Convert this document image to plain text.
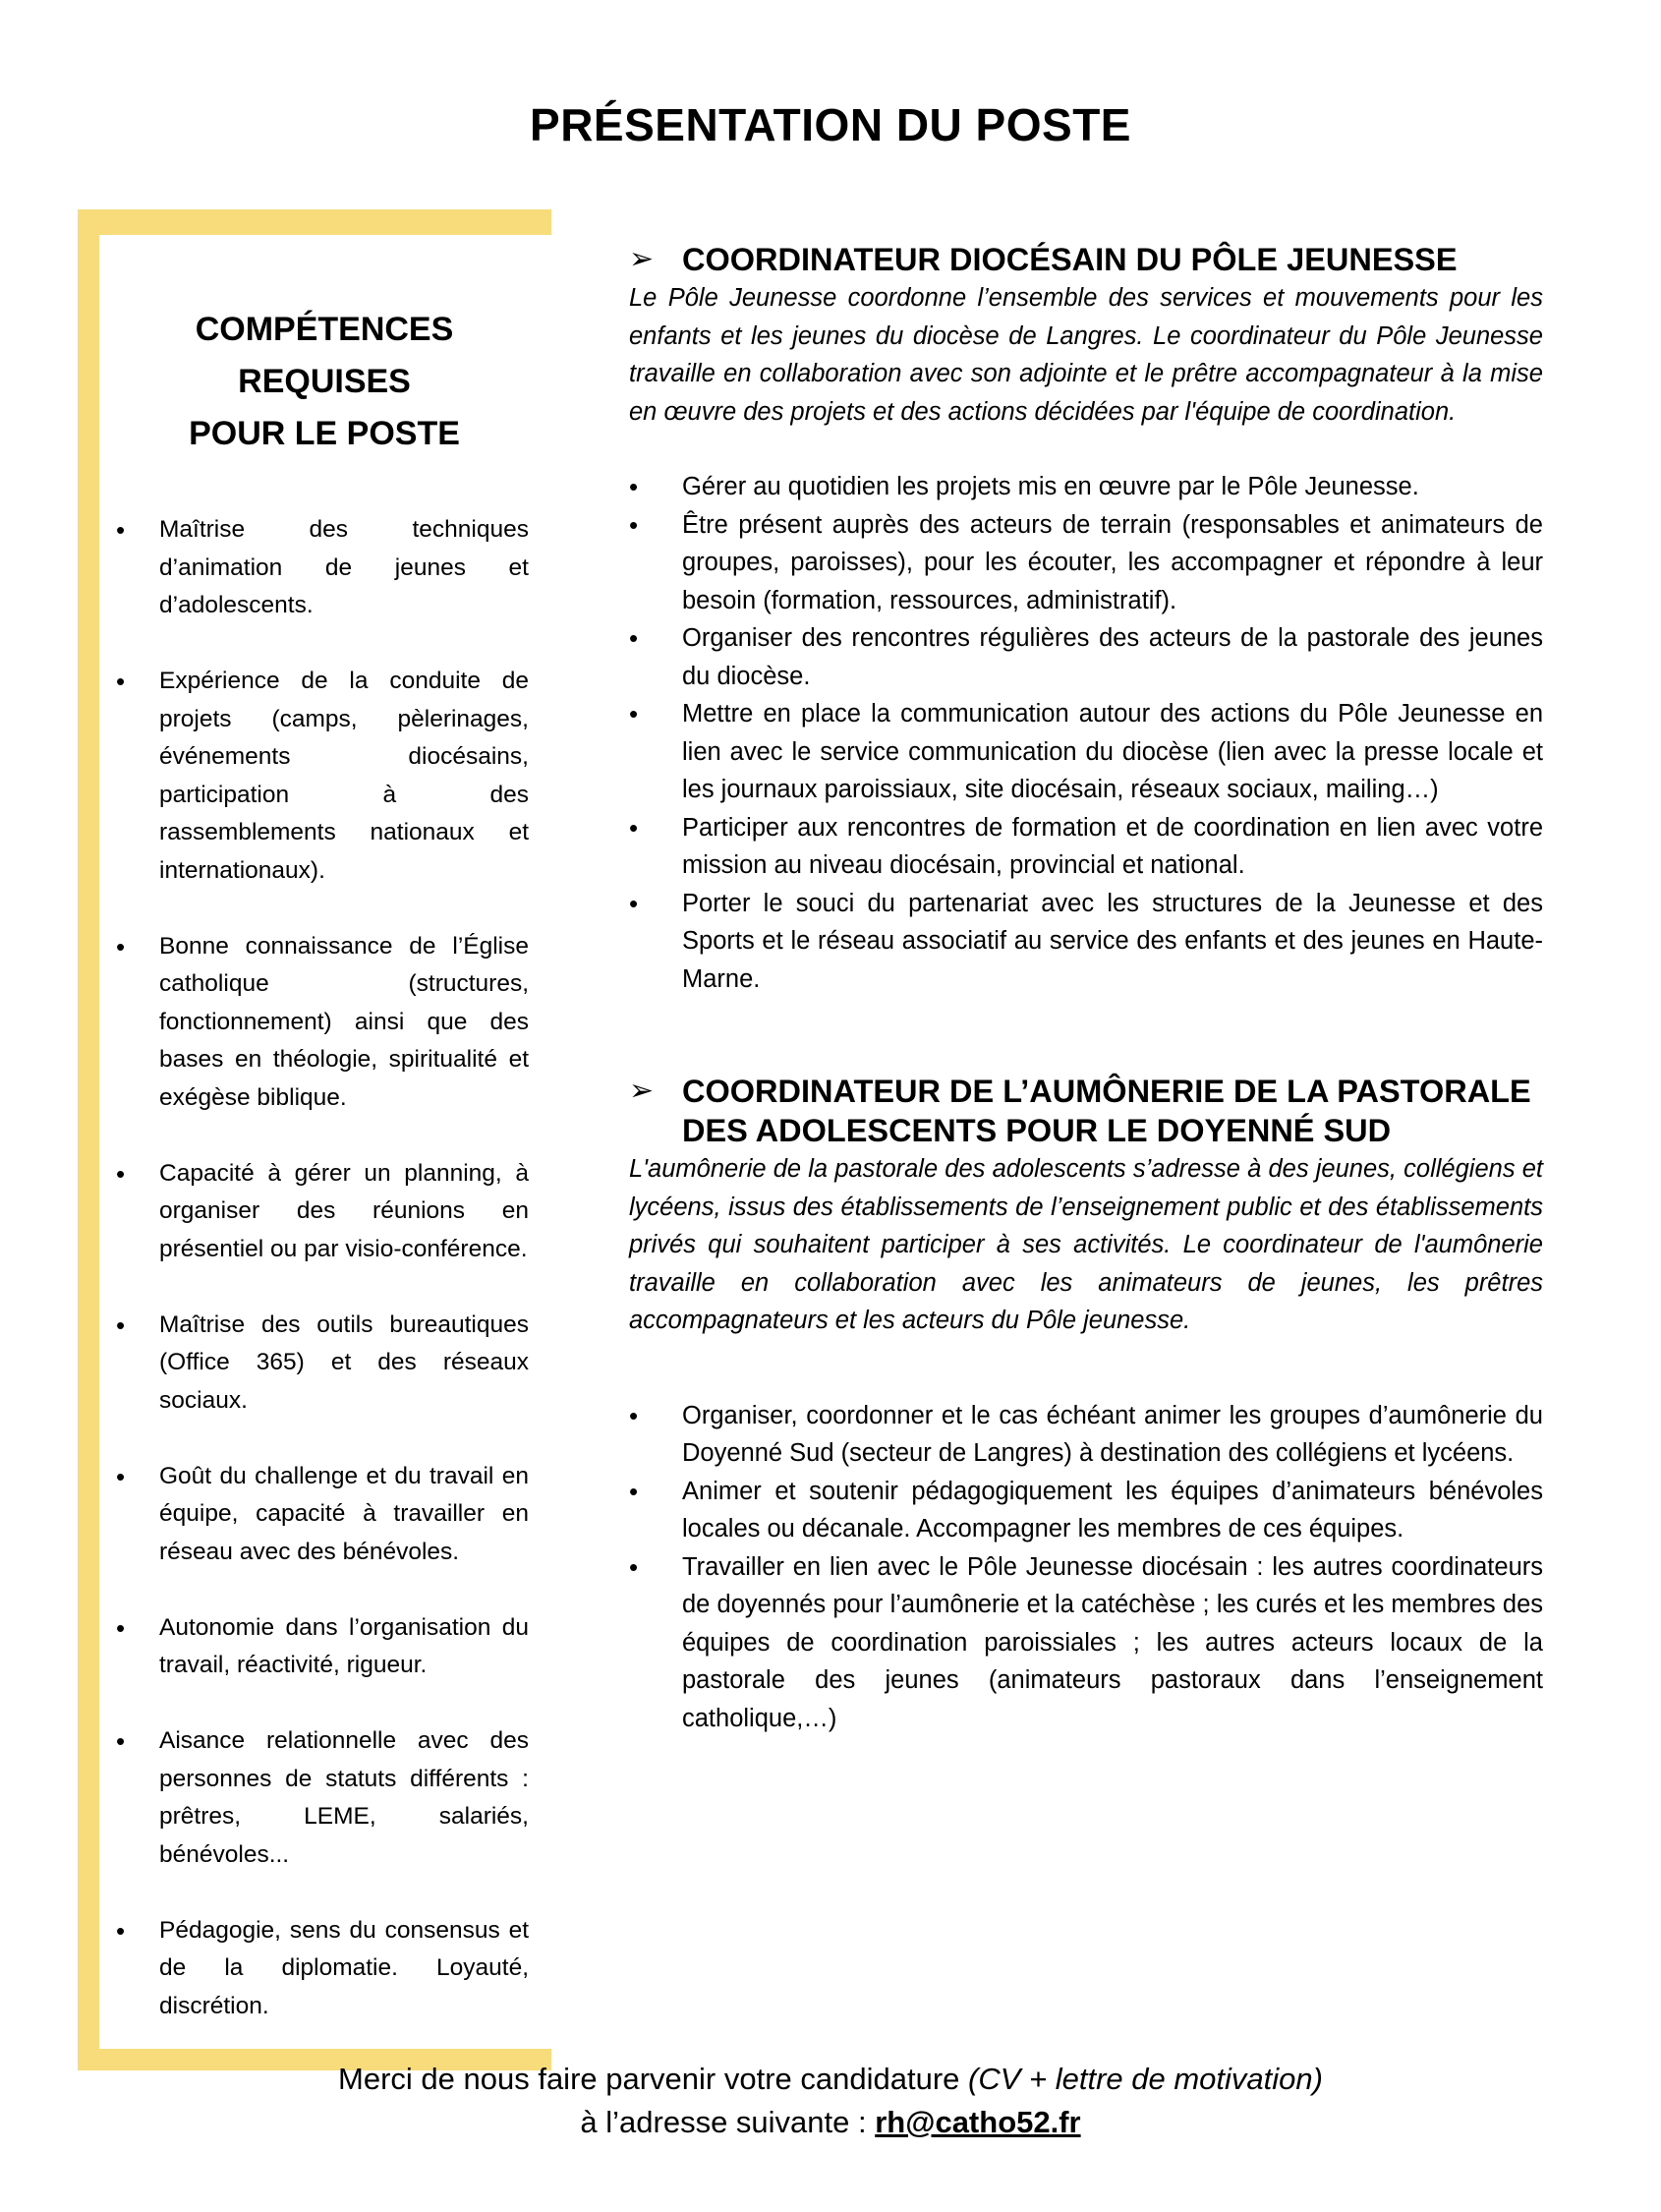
PRÉSENTATION DU POSTE
COMPÉTENCES
REQUISES
POUR LE POSTE
• Maîtrise des techniques d’animation de jeunes et d’adolescents.
• Expérience de la conduite de projets (camps, pèlerinages, événements diocésains, participation à des rassemblements nationaux et internationaux).
• Bonne connaissance de l’Église catholique (structures, fonctionnement) ainsi que des bases en théologie, spiritualité et exégèse biblique.
• Capacité à gérer un planning, à organiser des réunions en présentiel ou par visio-conférence.
• Maîtrise des outils bureautiques (Office 365) et des réseaux sociaux.
• Goût du challenge et du travail en équipe, capacité à travailler en réseau avec des bénévoles.
• Autonomie dans l’organisation du travail, réactivité, rigueur.
• Aisance relationnelle avec des personnes de statuts différents : prêtres, LEME, salariés, bénévoles...
• Pédagogie, sens du consensus et de la diplomatie. Loyauté, discrétion.
➢ COORDINATEUR DIOCÉSAIN DU PÔLE JEUNESSE

Le Pôle Jeunesse coordonne l’ensemble des services et mouvements pour les enfants et les jeunes du diocèse de Langres. Le coordinateur du Pôle Jeunesse travaille en collaboration avec son adjointe et le prêtre accompagnateur à la mise en œuvre des projets et des actions décidées par l'équipe de coordination.

• Gérer au quotidien les projets mis en œuvre par le Pôle Jeunesse.
• Être présent auprès des acteurs de terrain (responsables et animateurs de groupes, paroisses), pour les écouter, les accompagner et répondre à leur besoin (formation, ressources, administratif).
• Organiser des rencontres régulières des acteurs de la pastorale des jeunes du diocèse.
• Mettre en place la communication autour des actions du Pôle Jeunesse en lien avec le service communication du diocèse (lien avec la presse locale et les journaux paroissiaux, site diocésain, réseaux sociaux, mailing…)
• Participer aux rencontres de formation et de coordination en lien avec votre mission au niveau diocésain, provincial et national.
• Porter le souci du partenariat avec les structures de la Jeunesse et des Sports et le réseau associatif au service des enfants et des jeunes en Haute-Marne.
➢ COORDINATEUR DE L’AUMÔNERIE DE LA PASTORALE DES ADOLESCENTS POUR LE DOYENNÉ SUD

L'aumônerie de la pastorale des adolescents s’adresse à des jeunes, collégiens et lycéens, issus des établissements de l’enseignement public et des établissements privés qui souhaitent participer à ses activités. Le coordinateur de l'aumônerie travaille en collaboration avec les animateurs de jeunes, les prêtres accompagnateurs et les acteurs du Pôle jeunesse.

• Organiser, coordonner et le cas échéant animer les groupes d’aumônerie du Doyenné Sud (secteur de Langres) à destination des collégiens et lycéens.
• Animer et soutenir pédagogiquement les équipes d’animateurs bénévoles locales ou décanale. Accompagner les membres de ces équipes.
• Travailler en lien avec le Pôle Jeunesse diocésain : les autres coordinateurs de doyennés pour l’aumônerie et la catéchèse ; les curés et les membres des équipes de coordination paroissiales ; les autres acteurs locaux de la pastorale des jeunes (animateurs pastoraux dans l’enseignement catholique,…)
Merci de nous faire parvenir votre candidature (CV + lettre de motivation)
à l’adresse suivante : rh@catho52.fr
